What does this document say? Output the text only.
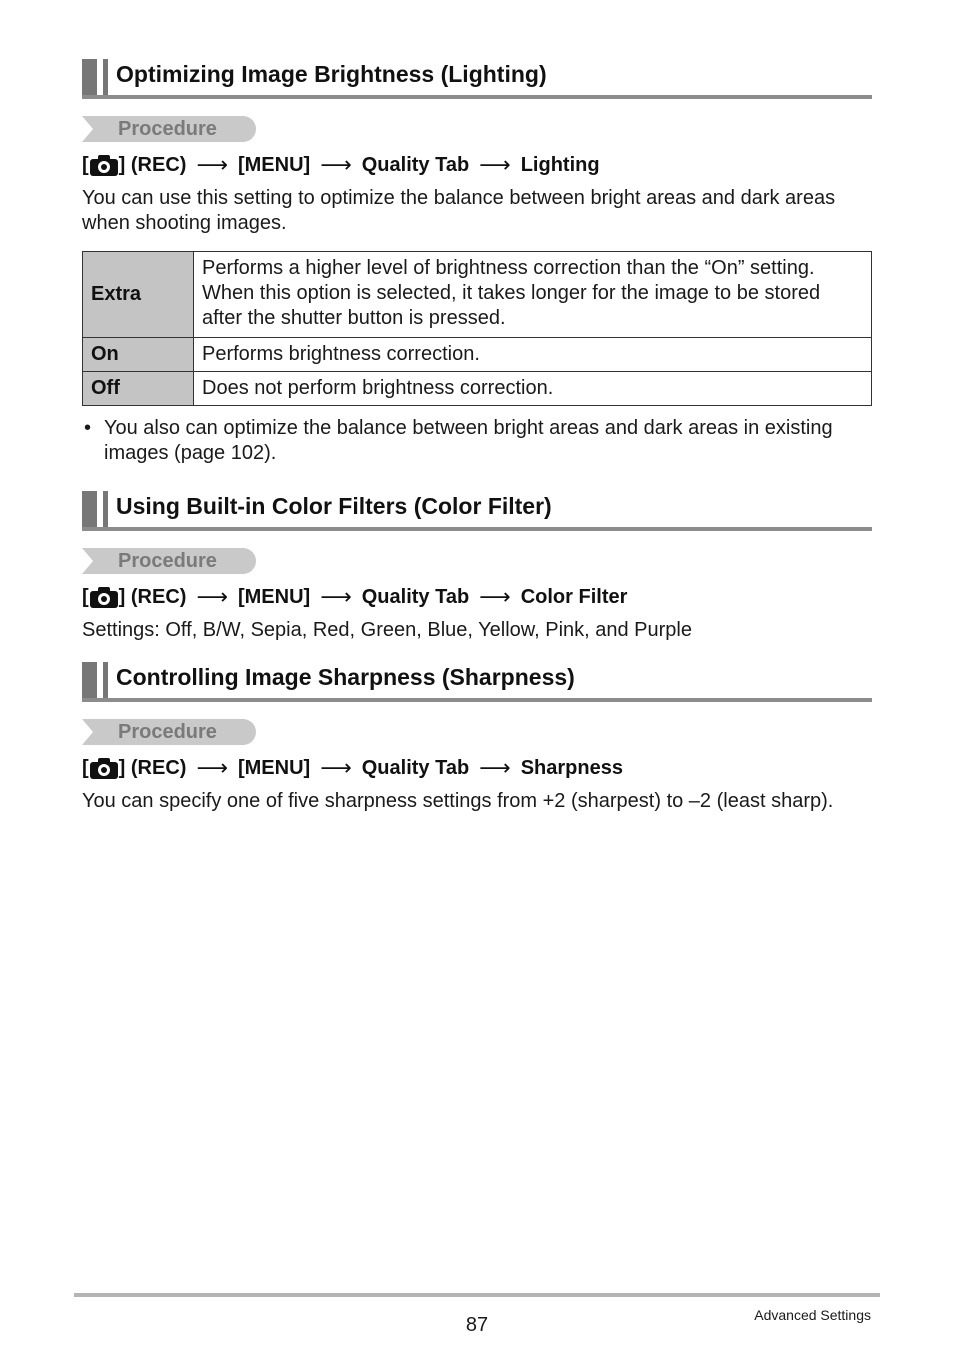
Optimizing Image Brightness (Lighting)
Procedure
[ ] (REC) ⟶ [MENU] ⟶ Quality Tab ⟶ Lighting
You can use this setting to optimize the balance between bright areas and dark areas when shooting images.
Extra	Performs a higher level of brightness correction than the “On” setting. When this option is selected, it takes longer for the image to be stored after the shutter button is pressed.
On	Performs brightness correction.
Off	Does not perform brightness correction.
• You also can optimize the balance between bright areas and dark areas in existing images (page 102).
Using Built-in Color Filters (Color Filter)
Procedure
[ ] (REC) ⟶ [MENU] ⟶ Quality Tab ⟶ Color Filter
Settings: Off, B/W, Sepia, Red, Green, Blue, Yellow, Pink, and Purple
Controlling Image Sharpness (Sharpness)
Procedure
[ ] (REC) ⟶ [MENU] ⟶ Quality Tab ⟶ Sharpness
You can specify one of five sharpness settings from +2 (sharpest) to –2 (least sharp).
87	Advanced Settings
